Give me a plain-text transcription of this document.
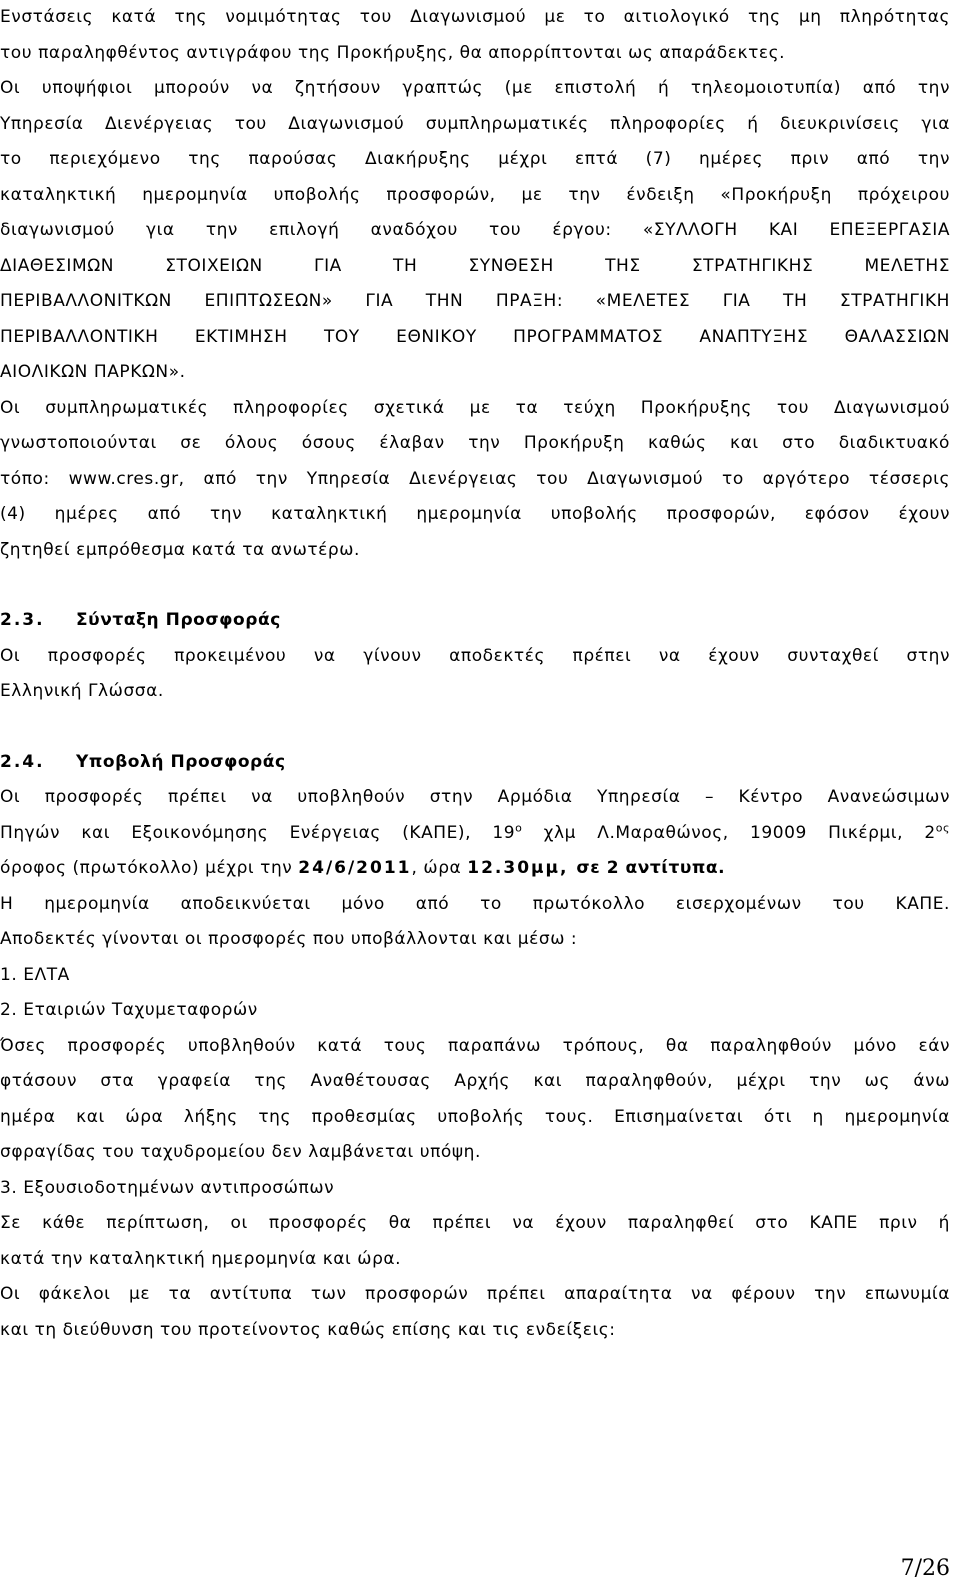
Ενστάσεις κατά της νομιμότητας του Διαγωνισμού με το αιτιολογικό της μη πληρότητας

του παραληφθέντος αντιγράφου της Προκήρυξης, θα απορρίπτονται ως απαράδεκτες.

Οι υποψήφιοι μπορούν να ζητήσουν γραπτώς (με επιστολή ή τηλεομοιοτυπία) από την

Υπηρεσία Διενέργειας του Διαγωνισμού συμπληρωματικές πληροφορίες ή διευκρινίσεις για

το περιεχόμενο της παρούσας Διακήρυξης μέχρι επτά (7) ημέρες πριν από την

καταληκτική ημερομηνία υποβολής προσφορών, με την ένδειξη «Προκήρυξη πρόχειρου

διαγωνισμού για την επιλογή αναδόχου του έργου: «ΣΥΛΛΟΓΗ ΚΑΙ ΕΠΕΞΕΡΓΑΣΙΑ

ΔΙΑΘΕΣΙΜΩΝ ΣΤΟΙΧΕΙΩΝ ΓΙΑ ΤΗ ΣΥΝΘΕΣΗ ΤΗΣ ΣΤΡΑΤΗΓΙΚΗΣ ΜΕΛΕΤΗΣ

ΠΕΡΙΒΑΛΛΟΝΙΤΚΩΝ ΕΠΙΠΤΩΣΕΩΝ» ΓΙΑ ΤΗΝ ΠΡΑΞΗ: «ΜΕΛΕΤΕΣ ΓΙΑ ΤΗ ΣΤΡΑΤΗΓΙΚΗ

ΠΕΡΙΒΑΛΛΟΝΤΙΚΗ ΕΚΤΙΜΗΣΗ ΤΟΥ ΕΘΝΙΚΟΥ ΠΡΟΓΡΑΜΜΑΤΟΣ ΑΝΑΠΤΥΞΗΣ ΘΑΛΑΣΣΙΩΝ

ΑΙΟΛΙΚΩΝ ΠΑΡΚΩΝ».

Οι συμπληρωματικές πληροφορίες σχετικά με τα τεύχη Προκήρυξης του Διαγωνισμού

γνωστοποιούνται σε όλους όσους έλαβαν την Προκήρυξη καθώς και στο διαδικτυακό

τόπο: www.cres.gr, από την Υπηρεσία Διενέργειας του Διαγωνισμού το αργότερο τέσσερις

(4) ημέρες από την καταληκτική ημερομηνία υποβολής προσφορών, εφόσον έχουν

ζητηθεί εμπρόθεσμα κατά τα ανωτέρω.

2.3. Σύνταξη Προσφοράς

Οι προσφορές προκειμένου να γίνουν αποδεκτές πρέπει να έχουν συνταχθεί στην

Ελληνική Γλώσσα.

2.4. Υποβολή Προσφοράς

Οι προσφορές πρέπει να υποβληθούν στην Αρμόδια Υπηρεσία – Κέντρο Ανανεώσιμων

Πηγών και Εξοικονόμησης Ενέργειας (ΚΑΠΕ), $19^o$ χλμ Λ.Μαραθώνος, 19009 Πικέρμι, $2^{o\varsigma}$

όροφος (πρωτόκολλο) μέχρι την 24/6/2011, ώρα 12.30μμ, σε 2 αντίτυπα.

Η ημερομηνία αποδεικνύεται μόνο από το πρωτόκολλο εισερχομένων του ΚΑΠΕ.

Αποδεκτές γίνονται οι προσφορές που υποβάλλονται και μέσω :

1. ΕΛΤΑ

2. Εταιριών Ταχυμεταφορών

Όσες προσφορές υποβληθούν κατά τους παραπάνω τρόπους, θα παραληφθούν μόνο εάν

φτάσουν στα γραφεία της Αναθέτουσας Αρχής και παραληφθούν, μέχρι την ως άνω

ημέρα και ώρα λήξης της προθεσμίας υποβολής τους. Επισημαίνεται ότι η ημερομηνία

σφραγίδας του ταχυδρομείου δεν λαμβάνεται υπόψη.

3. Εξουσιοδοτημένων αντιπροσώπων

Σε κάθε περίπτωση, οι προσφορές θα πρέπει να έχουν παραληφθεί στο ΚΑΠΕ πριν ή

κατά την καταληκτική ημερομηνία και ώρα.

Οι φάκελοι με τα αντίτυπα των προσφορών πρέπει απαραίτητα να φέρουν την επωνυμία

και τη διεύθυνση του προτείνοντος καθώς επίσης και τις ενδείξεις:

7/26
